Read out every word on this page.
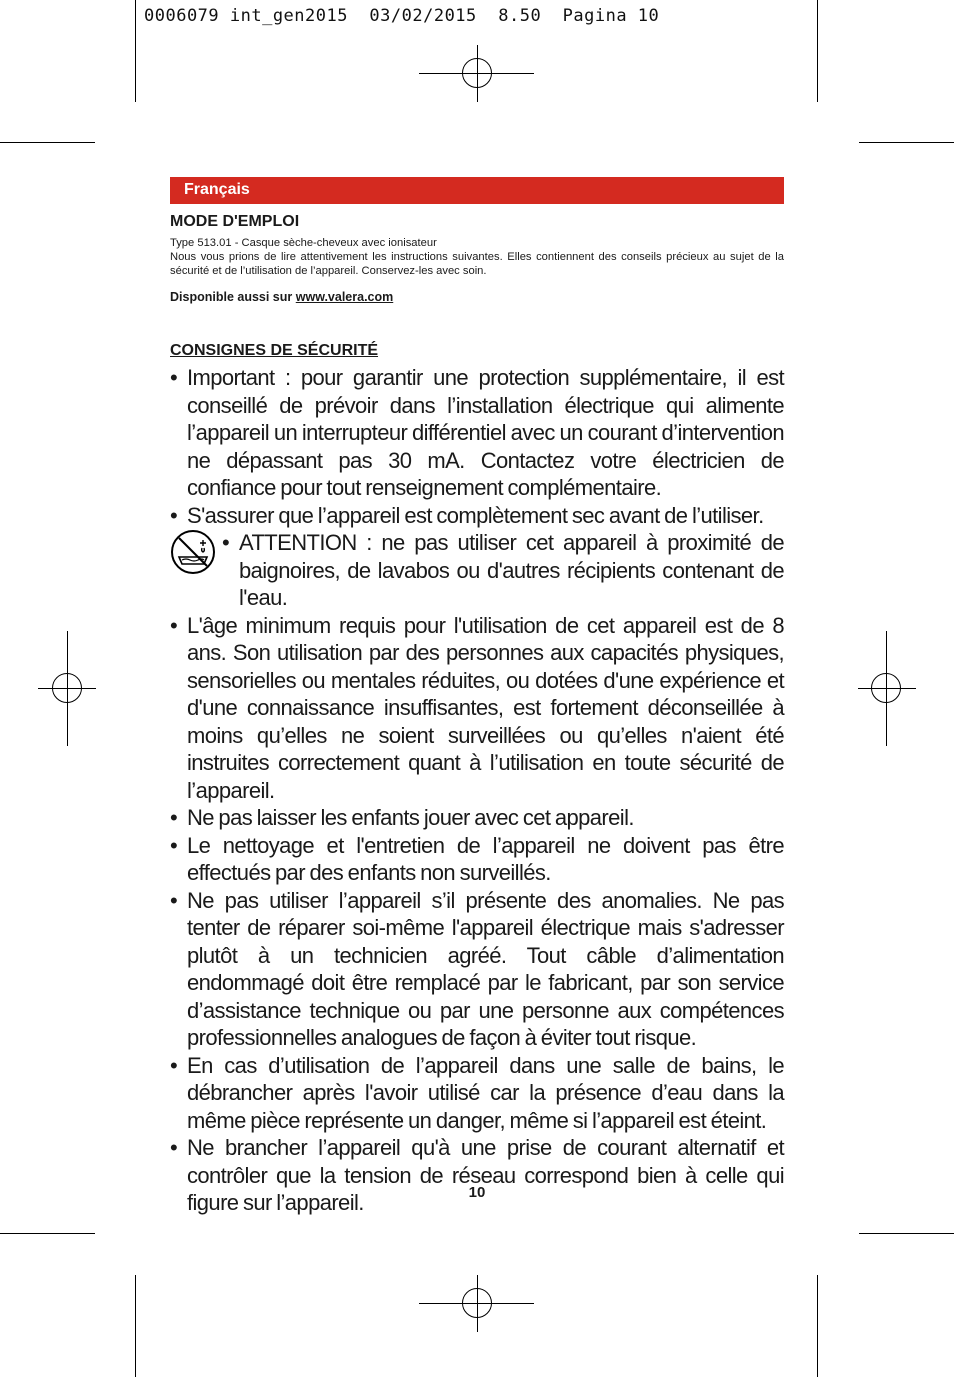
0006079 int_gen2015  03/02/2015  8.50  Pagina 10
Français

MODE D'EMPLOI

Type 513.01 - Casque sèche-cheveux avec ionisateur

Nous vous prions de lire attentivement les instructions suivantes. Elles contiennent des conseils précieux au sujet de la sécurité et de l’utilisation de l’appareil. Conservez-les avec soin.

Disponible aussi sur www.valera.com
CONSIGNES DE SÉCURITÉ
• Important : pour garantir une protection supplémentaire, il est conseillé de prévoir dans l’installation électrique qui alimente l’appareil un interrupteur différentiel avec un courant d’intervention ne dépassant pas 30 mA. Contactez votre électricien de confiance pour tout renseignement complémentaire.
• S'assurer que l’appareil est complètement sec avant de l’utiliser.
• ATTENTION : ne pas utiliser cet appareil à proximité de baignoires, de lavabos ou d'autres récipients contenant de l'eau.
• L'âge minimum requis pour l'utilisation de cet appareil est de 8 ans. Son utilisation par des personnes aux capacités physiques, sensorielles ou mentales réduites, ou dotées d'une expérience et d'une connaissance insuffisantes, est fortement déconseillée à moins qu’elles ne soient surveillées ou qu’elles n'aient été instruites correctement quant à l’utilisation en toute sécurité de l’appareil.
• Ne pas laisser les enfants jouer avec cet appareil.
• Le nettoyage et l'entretien de l’appareil ne doivent pas être effectués par des enfants non surveillés.
• Ne pas utiliser l’appareil s’il présente des anomalies. Ne pas tenter de réparer soi-même l'appareil électrique mais s'adresser plutôt à un technicien agréé. Tout câble d’alimentation endommagé doit être remplacé par le fabricant, par son service d’assistance technique ou par une personne aux compétences professionnelles analogues de façon à éviter tout risque.
• En cas d’utilisation de l’appareil dans une salle de bains, le débrancher après l'avoir utilisé car la présence d’eau dans la même pièce représente un danger, même si l’appareil est éteint.
• Ne brancher l’appareil qu'à une prise de courant alternatif et contrôler que la tension de réseau correspond bien à celle qui figure sur l’appareil.	10
